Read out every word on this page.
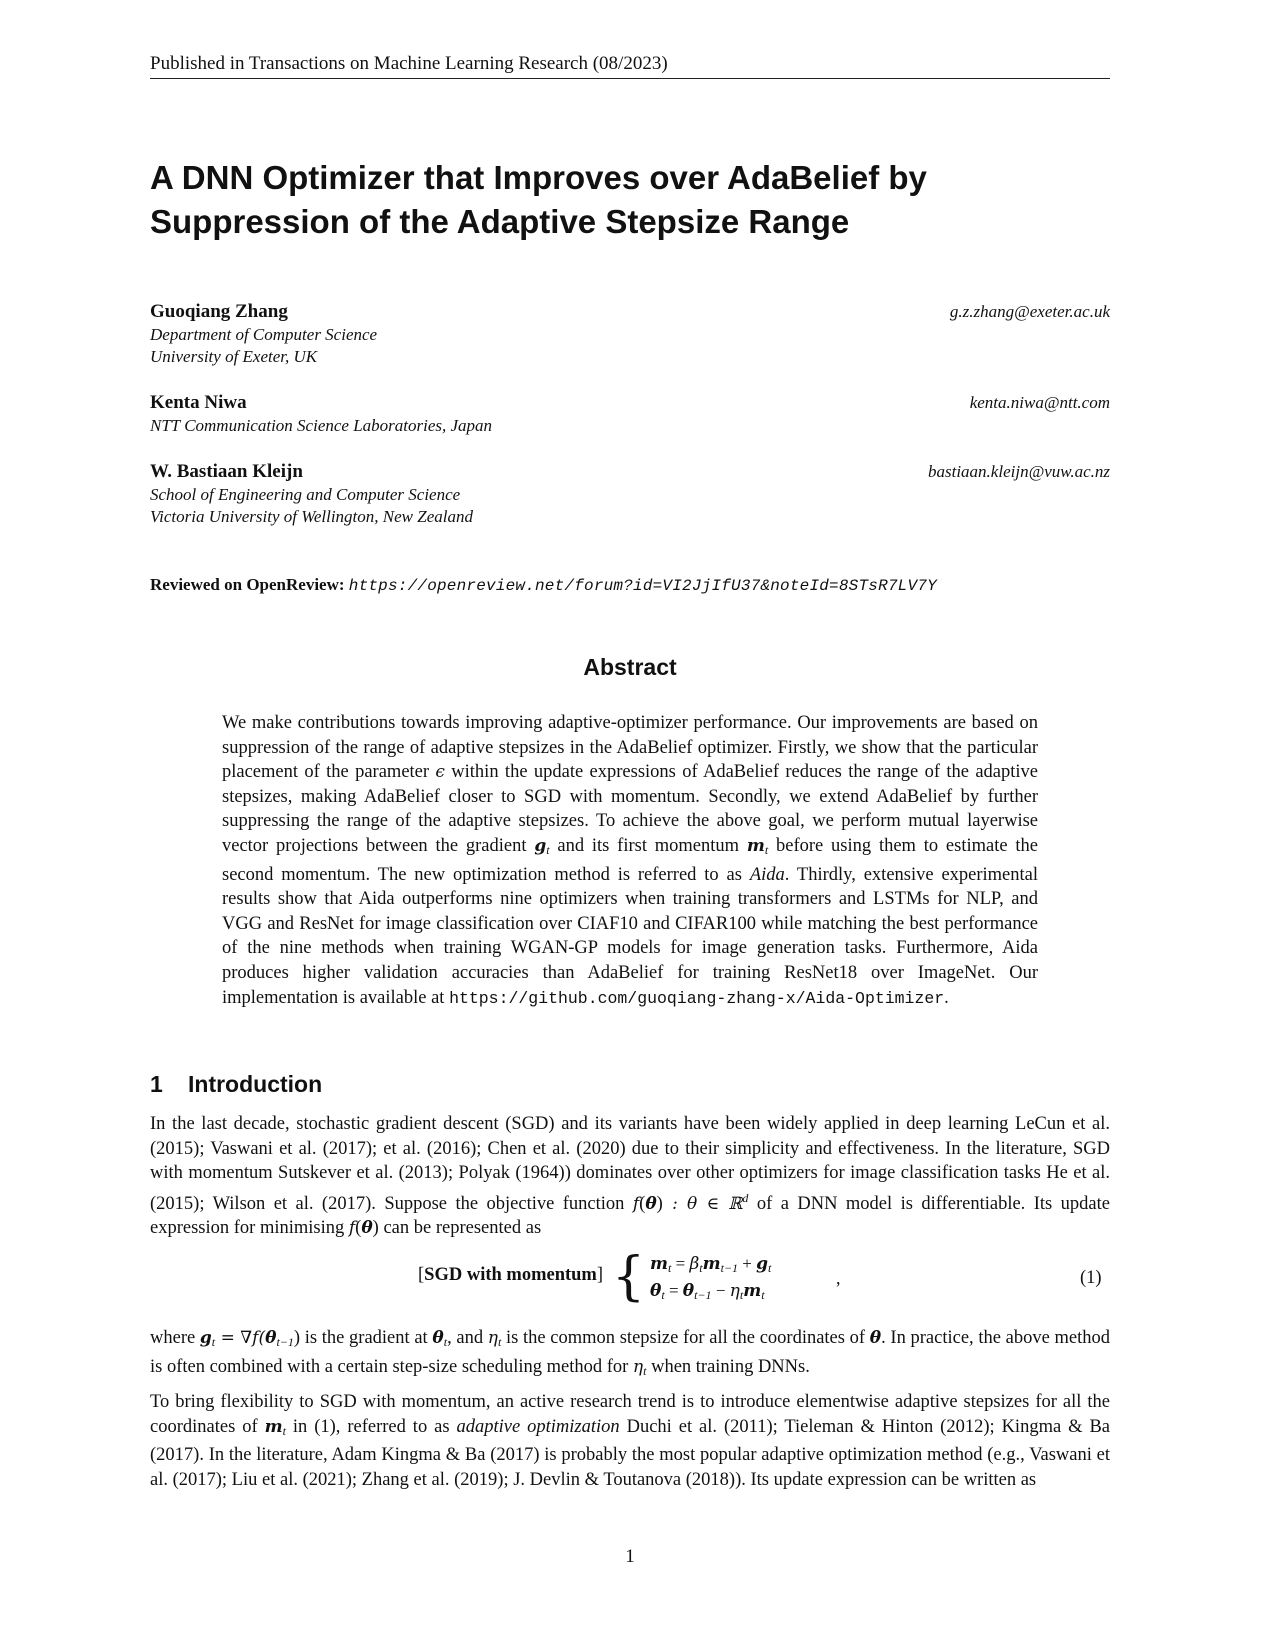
Published in Transactions on Machine Learning Research (08/2023)
A DNN Optimizer that Improves over AdaBelief by
Suppression of the Adaptive Stepsize Range
Guoqiang Zhang
Department of Computer Science
University of Exeter, UK
g.z.zhang@exeter.ac.uk
Kenta Niwa
NTT Communication Science Laboratories, Japan
kenta.niwa@ntt.com
W. Bastiaan Kleijn
School of Engineering and Computer Science
Victoria University of Wellington, New Zealand
bastiaan.kleijn@vuw.ac.nz
Reviewed on OpenReview: https://openreview.net/forum?id=VI2JjIfU37&noteId=8STsR7LV7Y
Abstract
We make contributions towards improving adaptive-optimizer performance. Our improvements are based on suppression of the range of adaptive stepsizes in the AdaBelief optimizer. Firstly, we show that the particular placement of the parameter ϵ within the update expressions of AdaBelief reduces the range of the adaptive stepsizes, making AdaBelief closer to SGD with momentum. Secondly, we extend AdaBelief by further suppressing the range of the adaptive stepsizes. To achieve the above goal, we perform mutual layerwise vector projections between the gradient $g_t$ and its first momentum $m_t$ before using them to estimate the second momentum. The new optimization method is referred to as Aida. Thirdly, extensive experimental results show that Aida outperforms nine optimizers when training transformers and LSTMs for NLP, and VGG and ResNet for image classification over CIAF10 and CIFAR100 while matching the best performance of the nine methods when training WGAN-GP models for image generation tasks. Furthermore, Aida produces higher validation accuracies than AdaBelief for training ResNet18 over ImageNet. Our implementation is available at https://github.com/guoqiang-zhang-x/Aida-Optimizer.
1 Introduction
In the last decade, stochastic gradient descent (SGD) and its variants have been widely applied in deep learning LeCun et al. (2015); Vaswani et al. (2017); et al. (2016); Chen et al. (2020) due to their simplicity and effectiveness. In the literature, SGD with momentum Sutskever et al. (2013); Polyak (1964)) dominates over other optimizers for image classification tasks He et al. (2015); Wilson et al. (2017). Suppose the objective function f(θ) : θ ∈ ℝ$^d$ of a DNN model is differentiable. Its update expression for minimising f(θ) can be represented as
[SGD with momentum] { $m_t = \beta_tm_{t-1} + g_t$
$\theta_t = \theta_{t-1} - \eta_tm_t$
,	(1)
where $g_t = \nabla f(\theta_{t-1})$ is the gradient at $\theta_t$, and $\eta_t$ is the common stepsize for all the coordinates of θ. In practice, the above method is often combined with a certain step-size scheduling method for $\eta_t$ when training DNNs.
To bring flexibility to SGD with momentum, an active research trend is to introduce elementwise adaptive stepsizes for all the coordinates of $m_t$ in (1), referred to as adaptive optimization Duchi et al. (2011); Tieleman & Hinton (2012); Kingma & Ba (2017). In the literature, Adam Kingma & Ba (2017) is probably the most popular adaptive optimization method (e.g., Vaswani et al. (2017); Liu et al. (2021); Zhang et al. (2019); J. Devlin & Toutanova (2018)). Its update expression can be written as
1
